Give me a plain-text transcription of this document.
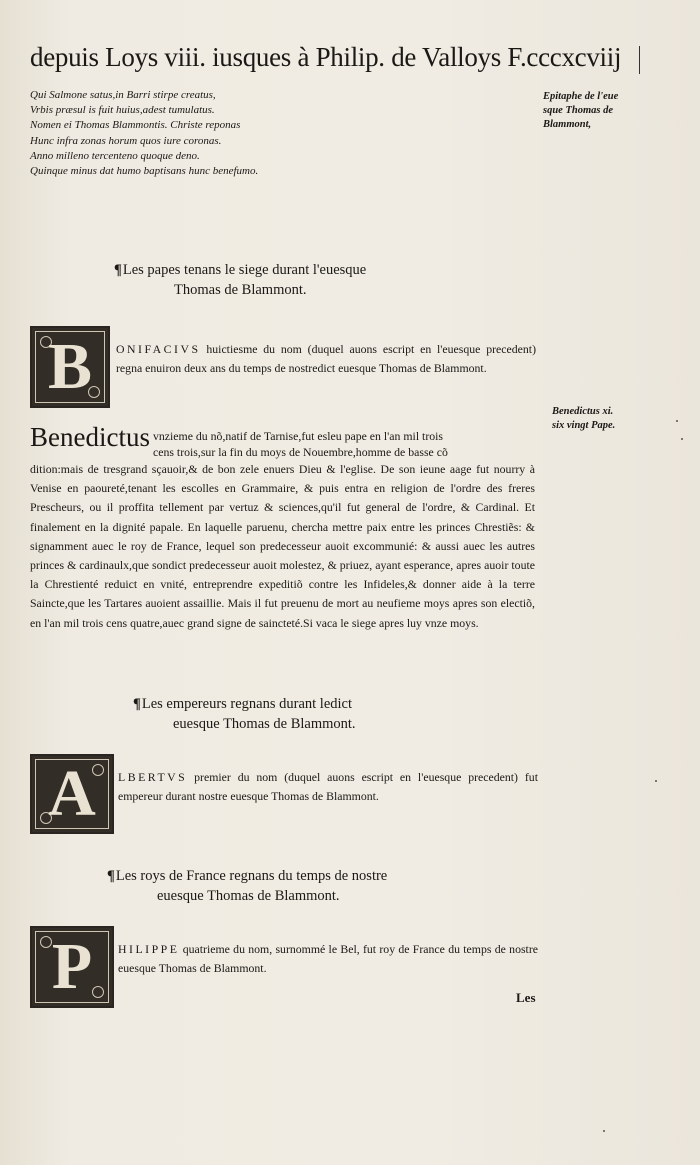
depuis Loys viii. iusques à Philip. de Valloys F.cccxcviij
Qui Salmone satus,in Barri stirpe creatus,
Vrbis præsul is fuit huius,adest tumulatus.
Nomen ei Thomas Blammontis. Christe reponas
Hunc infra zonas horum quos iure coronas.
Anno milleno tercenteno quoque deno.
Quinque minus dat humo baptisans hunc benefumo.
Epitaphe de l'eue
sque Thomas de
Blammont,
¶Les papes tenans le siege durant l'euesque
Thomas de Blammont.
B	ONIFACIVS huictiesme du nom (duquel auons escript en l'euesque precedent) regna enuiron deux ans du temps de nostredict euesque Thomas de Blammont.
Benedictus vnzieme du nõ,natif de Tarnise,fut esleu pape en l'an mil trois
cens trois,sur la fin du moys de Nouembre,homme de basse cõ
dition:mais de tresgrand sçauoir,& de bon zele enuers Dieu & l'eglise. De son ieune aage fut nourry à Venise en paoureté,tenant les escolles en Grammaire, & puis entra en religion de l'ordre des freres Prescheurs, ou il proffita tellement par vertuz & sciences,qu'il fut general de l'ordre, & Cardinal. Et finalement en la dignité papale. En laquelle paruenu, chercha mettre paix entre les princes Chrestiẽs: & signamment auec le roy de France, lequel son predecesseur auoit excommunié: & aussi auec les autres princes & cardinaulx,que sondict predecesseur auoit molestez, & priuez, ayant esperance, apres auoir toute la Chrestienté reduict en vnité, entreprendre expeditiõ contre les Infideles,& donner aide à la terre Saincte,que les Tartares auoient assaillie. Mais il fut preuenu de mort au neufieme moys apres son electiõ, en l'an mil trois cens quatre,auec grand signe de saincteté.Si vaca le siege apres luy vnze moys.
Benedictus xi.
six vingt Pape.
¶Les empereurs regnans durant ledict
euesque Thomas de Blammont.
A	LBERTVS premier du nom (duquel auons escript en l'euesque precedent) fut empereur durant nostre euesque Thomas de Blammont.
¶Les roys de France regnans du temps de nostre
euesque Thomas de Blammont.
P	HILIPPE quatrieme du nom, surnommé le Bel, fut roy de France du temps de nostre euesque Thomas de Blammont.
Les
